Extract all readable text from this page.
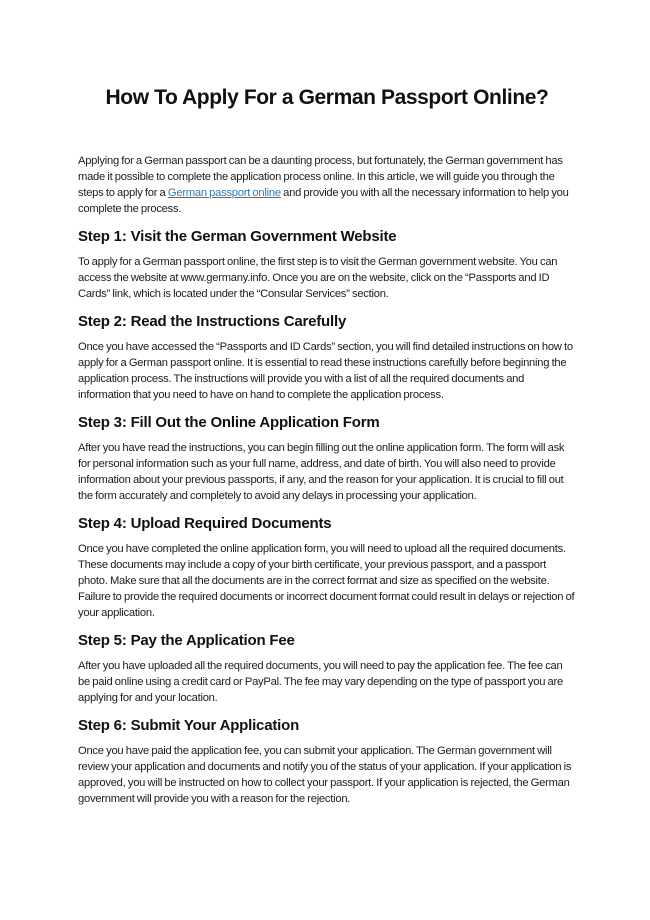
How To Apply For a German Passport Online?

Applying for a German passport can be a daunting process, but fortunately, the German government has made it possible to complete the application process online. In this article, we will guide you through the steps to apply for a German passport online and provide you with all the necessary information to help you complete the process.

Step 1: Visit the German Government Website

To apply for a German passport online, the first step is to visit the German government website. You can access the website at www.germany.info. Once you are on the website, click on the “Passports and ID Cards” link, which is located under the “Consular Services” section.

Step 2: Read the Instructions Carefully

Once you have accessed the “Passports and ID Cards” section, you will find detailed instructions on how to apply for a German passport online. It is essential to read these instructions carefully before beginning the application process. The instructions will provide you with a list of all the required documents and information that you need to have on hand to complete the application process.

Step 3: Fill Out the Online Application Form

After you have read the instructions, you can begin filling out the online application form. The form will ask for personal information such as your full name, address, and date of birth. You will also need to provide information about your previous passports, if any, and the reason for your application. It is crucial to fill out the form accurately and completely to avoid any delays in processing your application.

Step 4: Upload Required Documents

Once you have completed the online application form, you will need to upload all the required documents. These documents may include a copy of your birth certificate, your previous passport, and a passport photo. Make sure that all the documents are in the correct format and size as specified on the website. Failure to provide the required documents or incorrect document format could result in delays or rejection of your application.

Step 5: Pay the Application Fee

After you have uploaded all the required documents, you will need to pay the application fee. The fee can be paid online using a credit card or PayPal. The fee may vary depending on the type of passport you are applying for and your location.

Step 6: Submit Your Application

Once you have paid the application fee, you can submit your application. The German government will review your application and documents and notify you of the status of your application. If your application is approved, you will be instructed on how to collect your passport. If your application is rejected, the German government will provide you with a reason for the rejection.
